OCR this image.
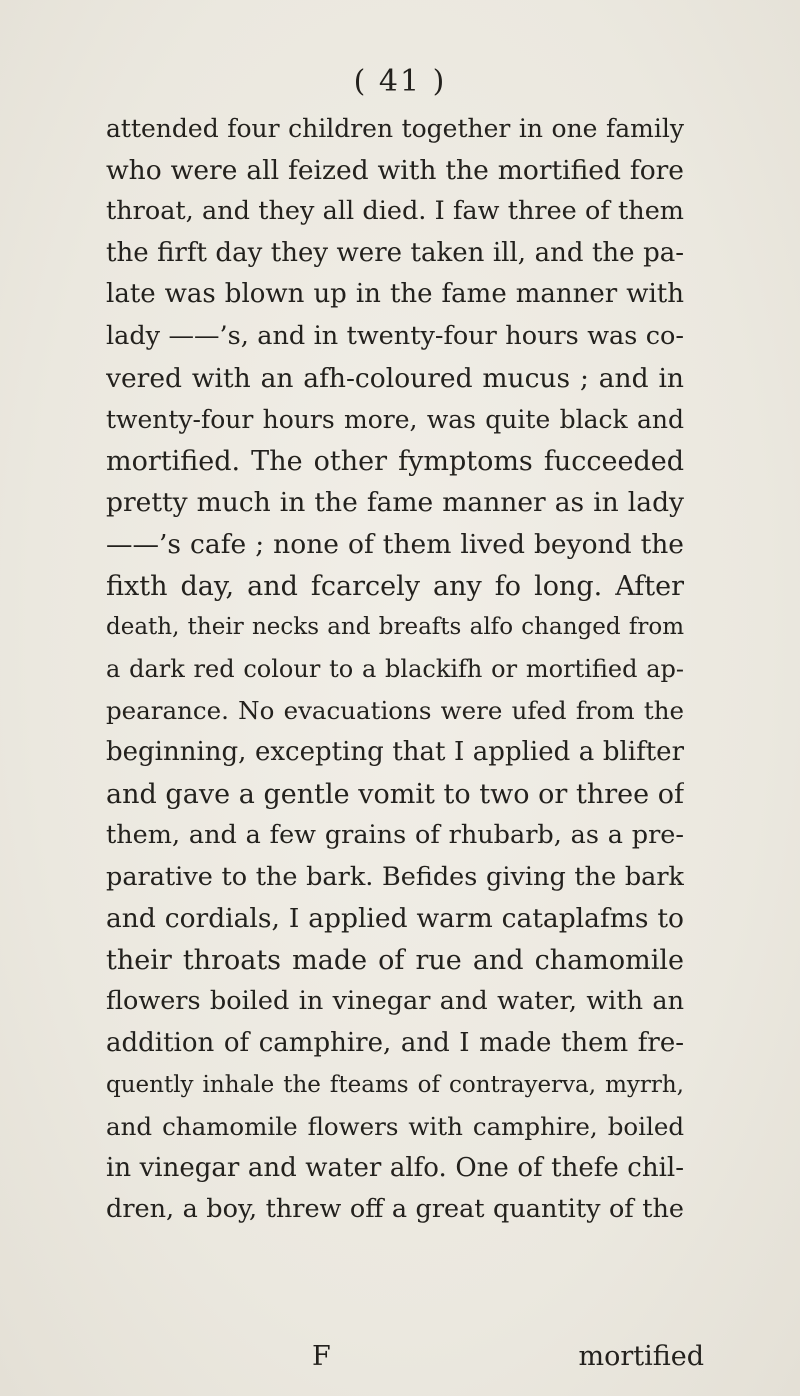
( 41 )
attended four children together in one family
who were all feized with the mortified fore
throat, and they all died. I faw three of them
the firft day they were taken ill, and the pa-
late was blown up in the fame manner with
lady ——’s, and in twenty-four hours was co-
vered with an afh-coloured mucus ; and in
twenty-four hours more, was quite black and
mortified. The other fymptoms fucceeded
pretty much in the fame manner as in lady
——’s cafe ; none of them lived beyond the
fixth day, and fcarcely any fo long. After
death, their necks and breafts alfo changed from
a dark red colour to a blackifh or mortified ap-
pearance. No evacuations were ufed from the
beginning, excepting that I applied a blifter
and gave a gentle vomit to two or three of
them, and a few grains of rhubarb, as a pre-
parative to the bark. Befides giving the bark
and cordials, I applied warm cataplafms to
their throats made of rue and chamomile
flowers boiled in vinegar and water, with an
addition of camphire, and I made them fre-
quently inhale the fteams of contrayerva, myrrh,
and chamomile flowers with camphire, boiled
in vinegar and water alfo. One of thefe chil-
dren, a boy, threw off a great quantity of the
F	mortified
